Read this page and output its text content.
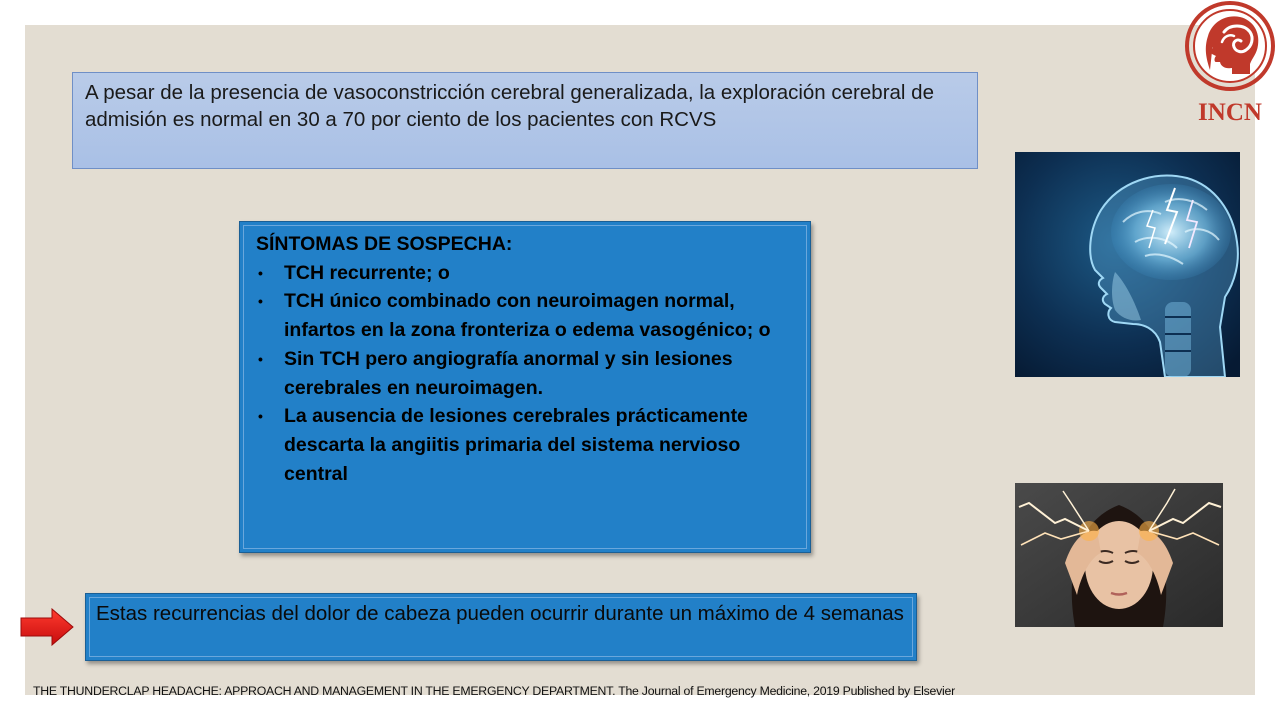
A pesar de la presencia de vasoconstricción cerebral generalizada, la exploración cerebral de admisión es normal en 30 a 70 por ciento de los pacientes con RCVS

SÍNTOMAS DE SOSPECHA:

• TCH recurrente; o
• TCH único combinado con neuroimagen normal, infartos en la zona fronteriza o edema vasogénico; o
• Sin TCH pero angiografía anormal y sin lesiones cerebrales en neuroimagen.
• La ausencia de lesiones cerebrales prácticamente descarta la angiitis primaria del sistema nervioso central
Estas recurrencias del dolor de cabeza pueden ocurrir durante un máximo de 4 semanas
THE THUNDERCLAP HEADACHE: APPROACH AND MANAGEMENT IN THE EMERGENCY DEPARTMENT. The Journal of Emergency Medicine, 2019 Published by Elsevier
INCN
